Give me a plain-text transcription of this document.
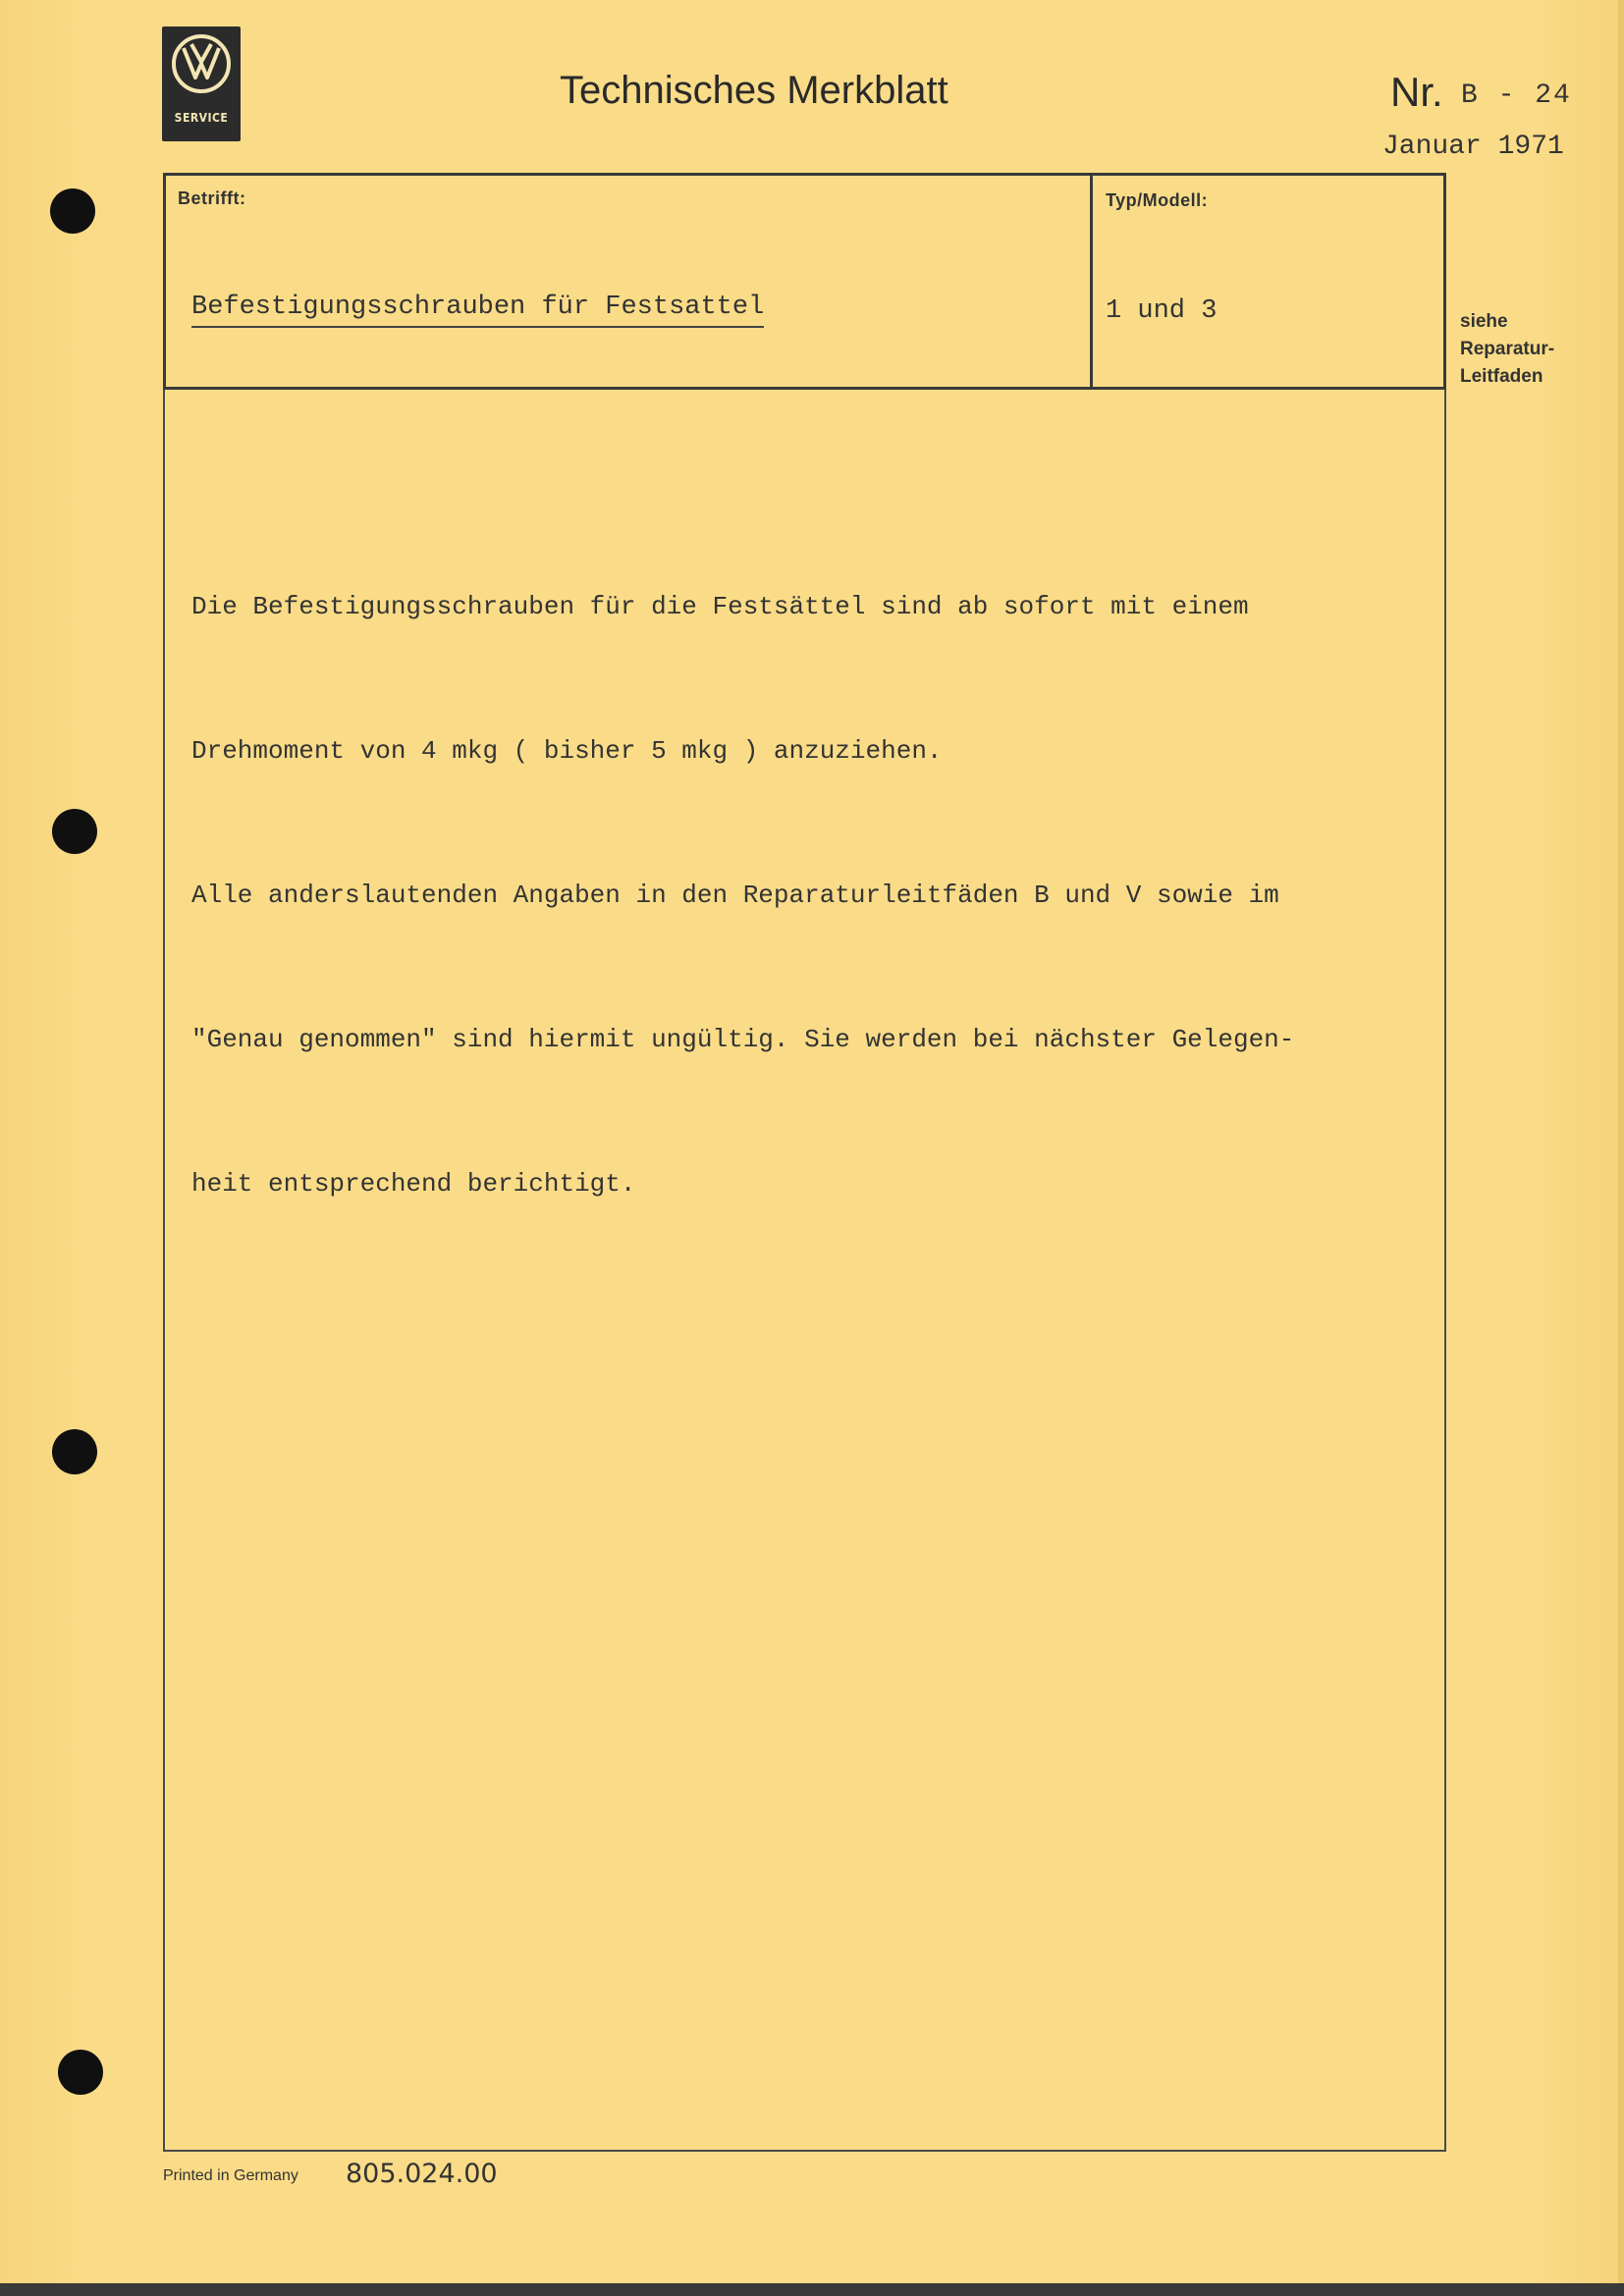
SERVICE
Technisches Merkblatt	Nr. B - 24
Januar 1971
Betrifft:	Typ/Modell:
Befestigungsschrauben für Festsattel	1 und 3	siehe
Reparatur-
Leitfaden

Die Befestigungsschrauben für die Festsättel sind ab sofort mit einem

Drehmoment von 4 mkg ( bisher 5 mkg ) anzuziehen.

Alle anderslautenden Angaben in den Reparaturleitfäden B und V sowie im

"Genau genommen" sind hiermit ungültig. Sie werden bei nächster Gelegen-

heit entsprechend berichtigt.

Printed in Germany 805.024.00
